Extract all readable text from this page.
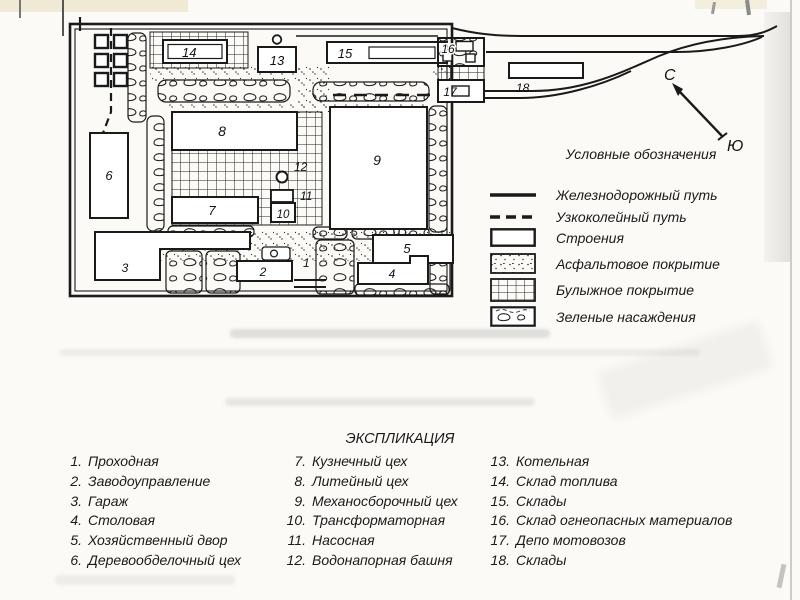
14
13	15	16
17	18
8
9
7	10
11
12
6
3	2
1
5
4
С
Ю
Условные обозначения
Железнодорожный путь
Узкоколейный путь
Строения
Асфальтовое покрытие
Булыжное покрытие
Зеленые насаждения
ЭКСПЛИКАЦИЯ
1. Проходная
2. Заводоуправление
3. Гараж
4. Столовая
5. Хозяйственный двор
6. Деревообделочный цех
7. Кузнечный цех
8. Литейный цех
9. Механосборочный цех
10. Трансформаторная
11. Насосная
12. Водонапорная башня
13. Котельная
14. Склад топлива
15. Склады
16. Склад огнеопасных материалов
17. Депо мотовозов
18. Склады
